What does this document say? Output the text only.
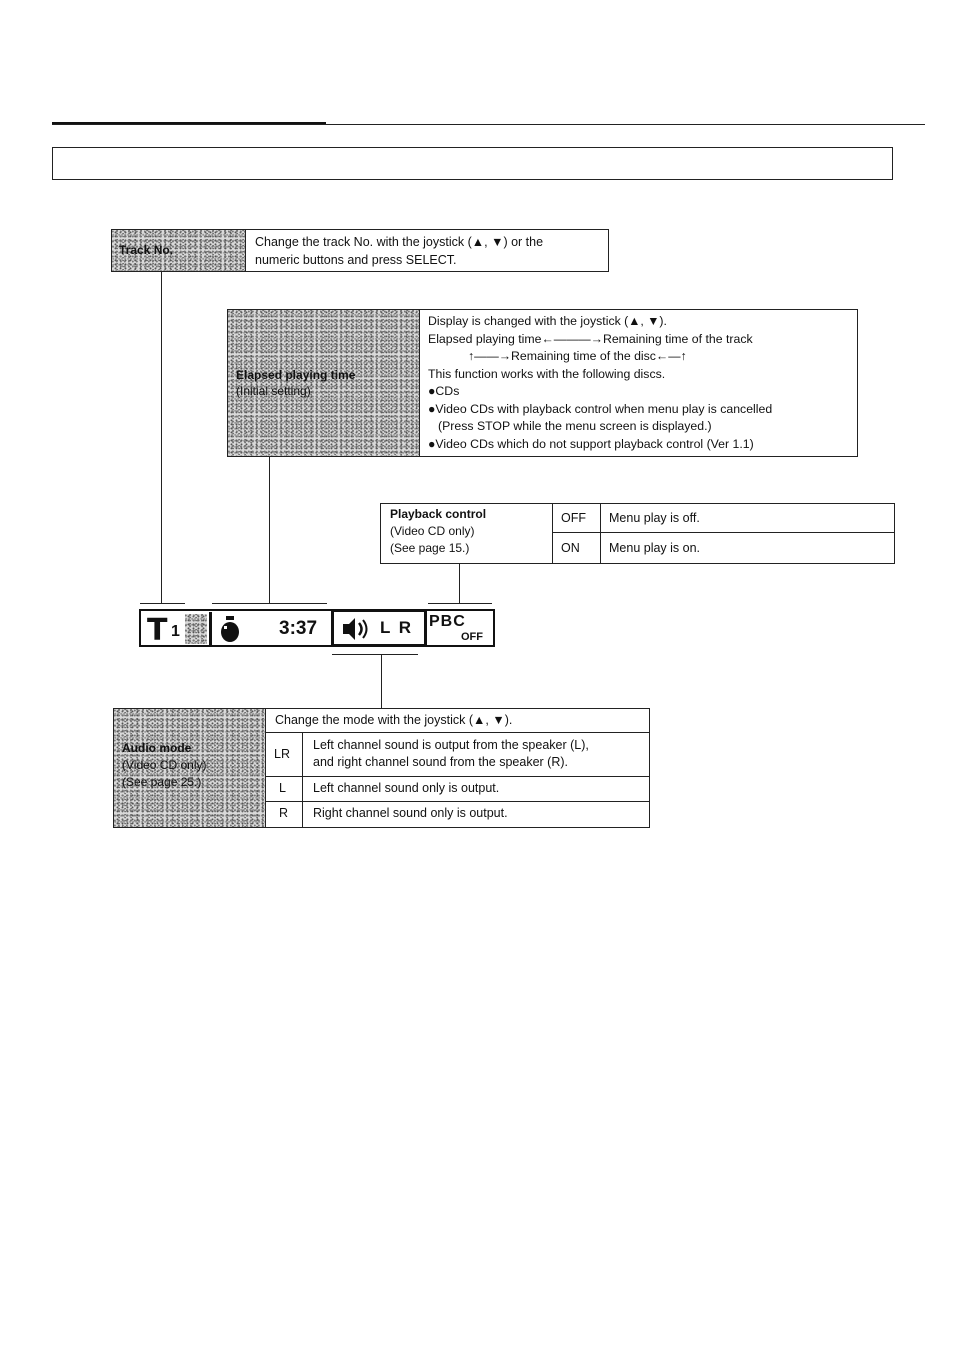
Track No.
Change the track No. with the joystick (▲, ▼) or the
numeric buttons and press SELECT.
Elapsed playing time
(Initial setting)
Display is changed with the joystick (▲, ▼).
Elapsed playing time←———→Remaining time of the track
↑——→Remaining time of the disc←—↑
This function works with the following discs.
●CDs
●Video CDs with playback control when menu play is cancelled
(Press STOP while the menu screen is displayed.)
●Video CDs which do not support playback control (Ver 1.1)
Playback control
(Video CD only)
(See page 15.)
OFF Menu play is off.
ON Menu play is on.
T 1	3:37	L R PBC
OFF
Audio mode
(Video CD only)
(See page 25.)
Change the mode with the joystick (▲, ▼).
LR
Left channel sound is output from the speaker (L),
and right channel sound from the speaker (R).
L Left channel sound only is output.
R Right channel sound only is output.
